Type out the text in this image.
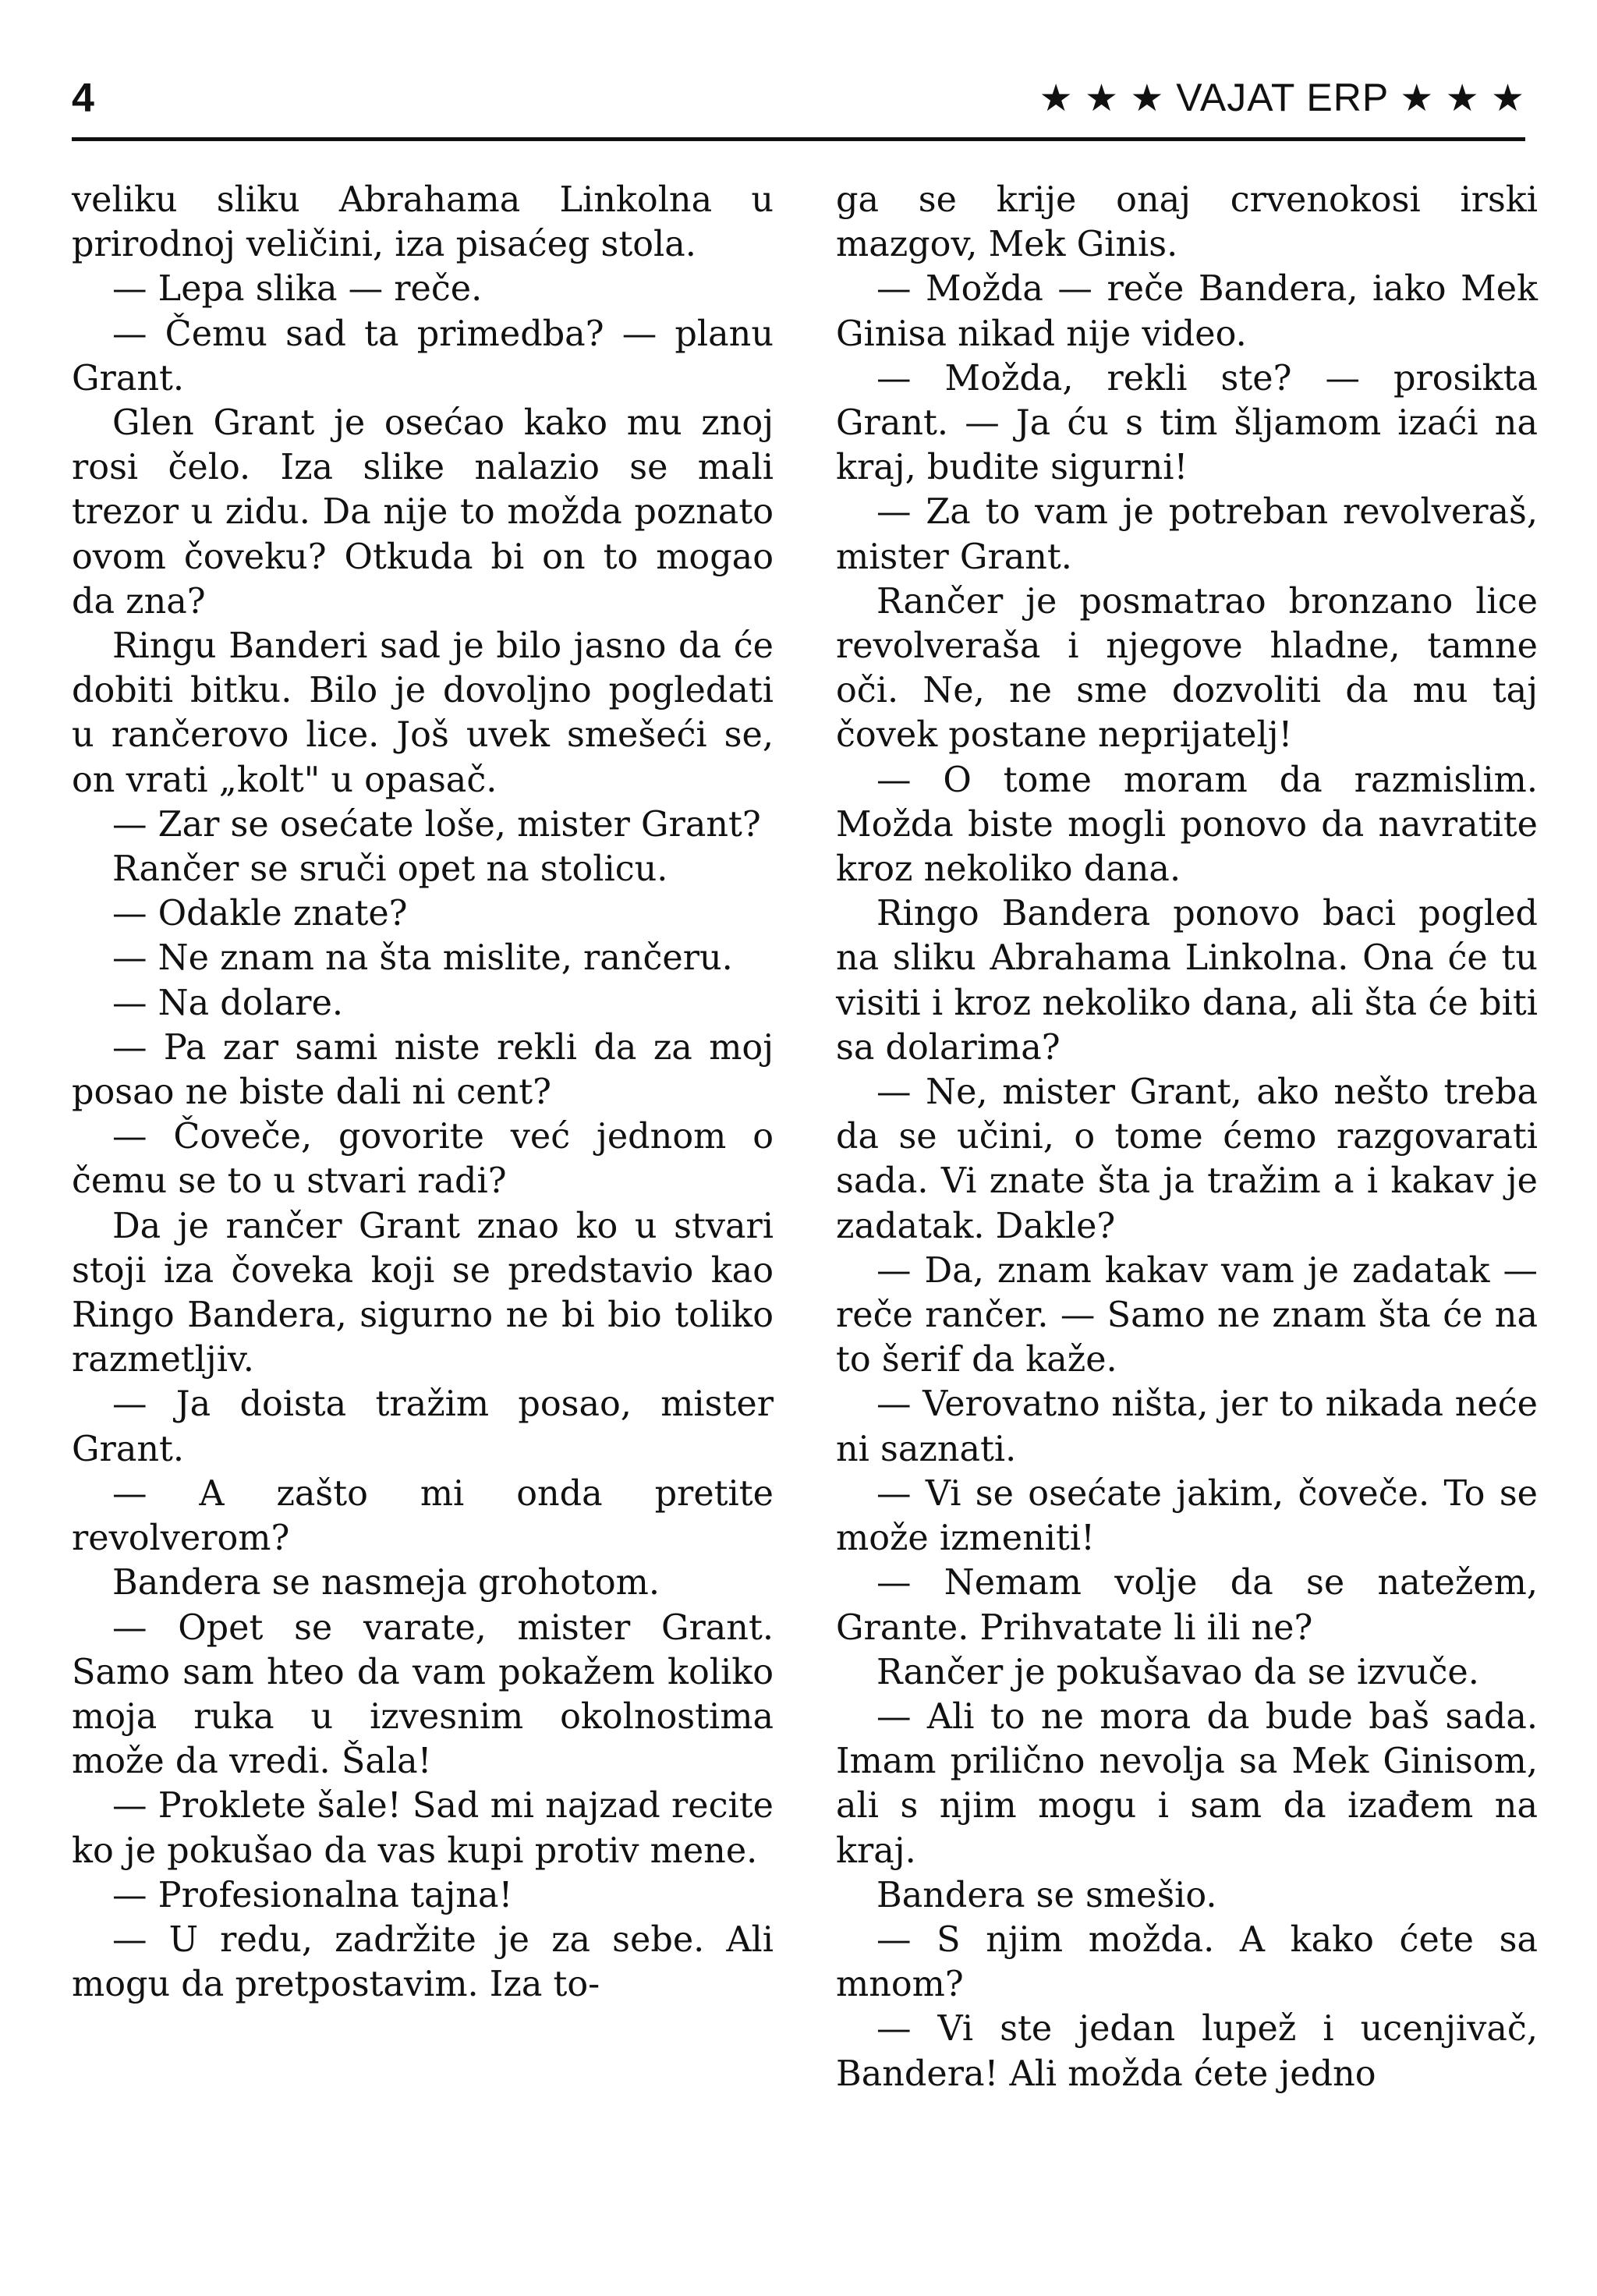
4	★ ★ ★ VAJAT ERP ★ ★ ★

veliku sliku Abrahama Linkolna u prirodnoj veličini, iza pisaćeg stola.

— Lepa slika — reče.

— Čemu sad ta primedba? — planu Grant.

Glen Grant je osećao kako mu znoj rosi čelo. Iza slike nalazio se mali trezor u zidu. Da nije to možda poznato ovom čoveku? Otkuda bi on to mogao da zna?

Ringu Banderi sad je bilo jasno da će dobiti bitku. Bilo je dovoljno pogledati u rančerovo lice. Još uvek smešeći se, on vrati „kolt" u opasač.

— Zar se osećate loše, mister Grant?

Rančer se sruči opet na stolicu.

— Odakle znate?

— Ne znam na šta mislite, rančeru.

— Na dolare.

— Pa zar sami niste rekli da za moj posao ne biste dali ni cent?

— Čoveče, govorite već jednom o čemu se to u stvari radi?

Da je rančer Grant znao ko u stvari stoji iza čoveka koji se predstavio kao Ringo Bandera, sigurno ne bi bio toliko razmetljiv.

— Ja doista tražim posao, mister Grant.

— A zašto mi onda pretite revolverom?

Bandera se nasmeja grohotom.

— Opet se varate, mister Grant. Samo sam hteo da vam pokažem koliko moja ruka u izvesnim okolnostima može da vredi. Šala!

— Proklete šale! Sad mi najzad recite ko je pokušao da vas kupi protiv mene.

— Profesionalna tajna!

— U redu, zadržite je za sebe. Ali mogu da pretpostavim. Iza to-

ga se krije onaj crvenokosi irski mazgov, Mek Ginis.

— Možda — reče Bandera, iako Mek Ginisa nikad nije video.

— Možda, rekli ste? — prosikta Grant. — Ja ću s tim šljamom izaći na kraj, budite sigurni!

— Za to vam je potreban revolveraš, mister Grant.

Rančer je posmatrao bronzano lice revolveraša i njegove hladne, tamne oči. Ne, ne sme dozvoliti da mu taj čovek postane neprijatelj!

— O tome moram da razmislim. Možda biste mogli ponovo da navratite kroz nekoliko dana.

Ringo Bandera ponovo baci pogled na sliku Abrahama Linkolna. Ona će tu visiti i kroz nekoliko dana, ali šta će biti sa dolarima?

— Ne, mister Grant, ako nešto treba da se učini, o tome ćemo razgovarati sada. Vi znate šta ja tražim a i kakav je zadatak. Dakle?

— Da, znam kakav vam je zadatak — reče rančer. — Samo ne znam šta će na to šerif da kaže.

— Verovatno ništa, jer to nikada neće ni saznati.

— Vi se osećate jakim, čoveče. To se može izmeniti!

— Nemam volje da se natežem, Grante. Prihvatate li ili ne?

Rančer je pokušavao da se izvuče.

— Ali to ne mora da bude baš sada. Imam prilično nevolja sa Mek Ginisom, ali s njim mogu i sam da izađem na kraj.

Bandera se smešio.

— S njim možda. A kako ćete sa mnom?

— Vi ste jedan lupež i ucenjivač, Bandera! Ali možda ćete jedno
